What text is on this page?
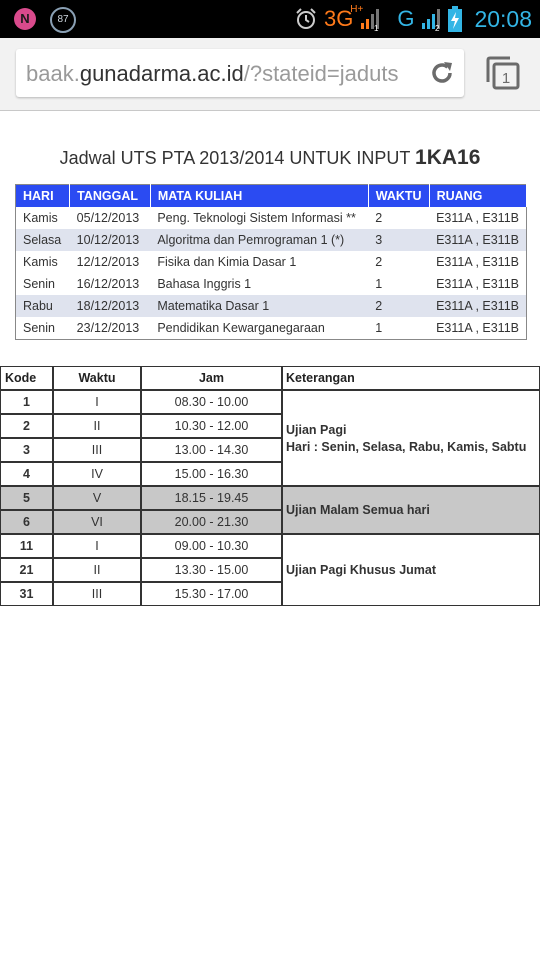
N	87	3G
H+
1 G	2 20:08
baak.gunadarma.ac.id/?stateid=jaduts	1
Jadwal UTS PTA 2013/2014 UNTUK INPUT 1KA16
HARI	TANGGAL	MATA KULIAH	WAKTU	RUANG
Kamis	05/12/2013	Peng. Teknologi Sistem Informasi **	2	E311A , E311B
Selasa	10/12/2013	Algoritma dan Pemrograman 1 (*)	3	E311A , E311B
Kamis	12/12/2013	Fisika dan Kimia Dasar 1	2	E311A , E311B
Senin	16/12/2013	Bahasa Inggris 1	1	E311A , E311B
Rabu	18/12/2013	Matematika Dasar 1	2	E311A , E311B
Senin	23/12/2013	Pendidikan Kewarganegaraan	1	E311A , E311B
Kode	Waktu	Jam	Keterangan
1	I	08.30 - 10.00	Ujian Pagi
Hari : Senin, Selasa, Rabu, Kamis, Sabtu

2	II	10.30 - 12.00	
3	III	13.00 - 14.30	
4	IV	15.00 - 16.30	
5	V	18.15 - 19.45	Ujian Malam Semua hari
6	VI	20.00 - 21.30	
11	I	09.00 - 10.30	Ujian Pagi Khusus Jumat
21	II	13.30 - 15.00	
31	III	15.30 - 17.00	
